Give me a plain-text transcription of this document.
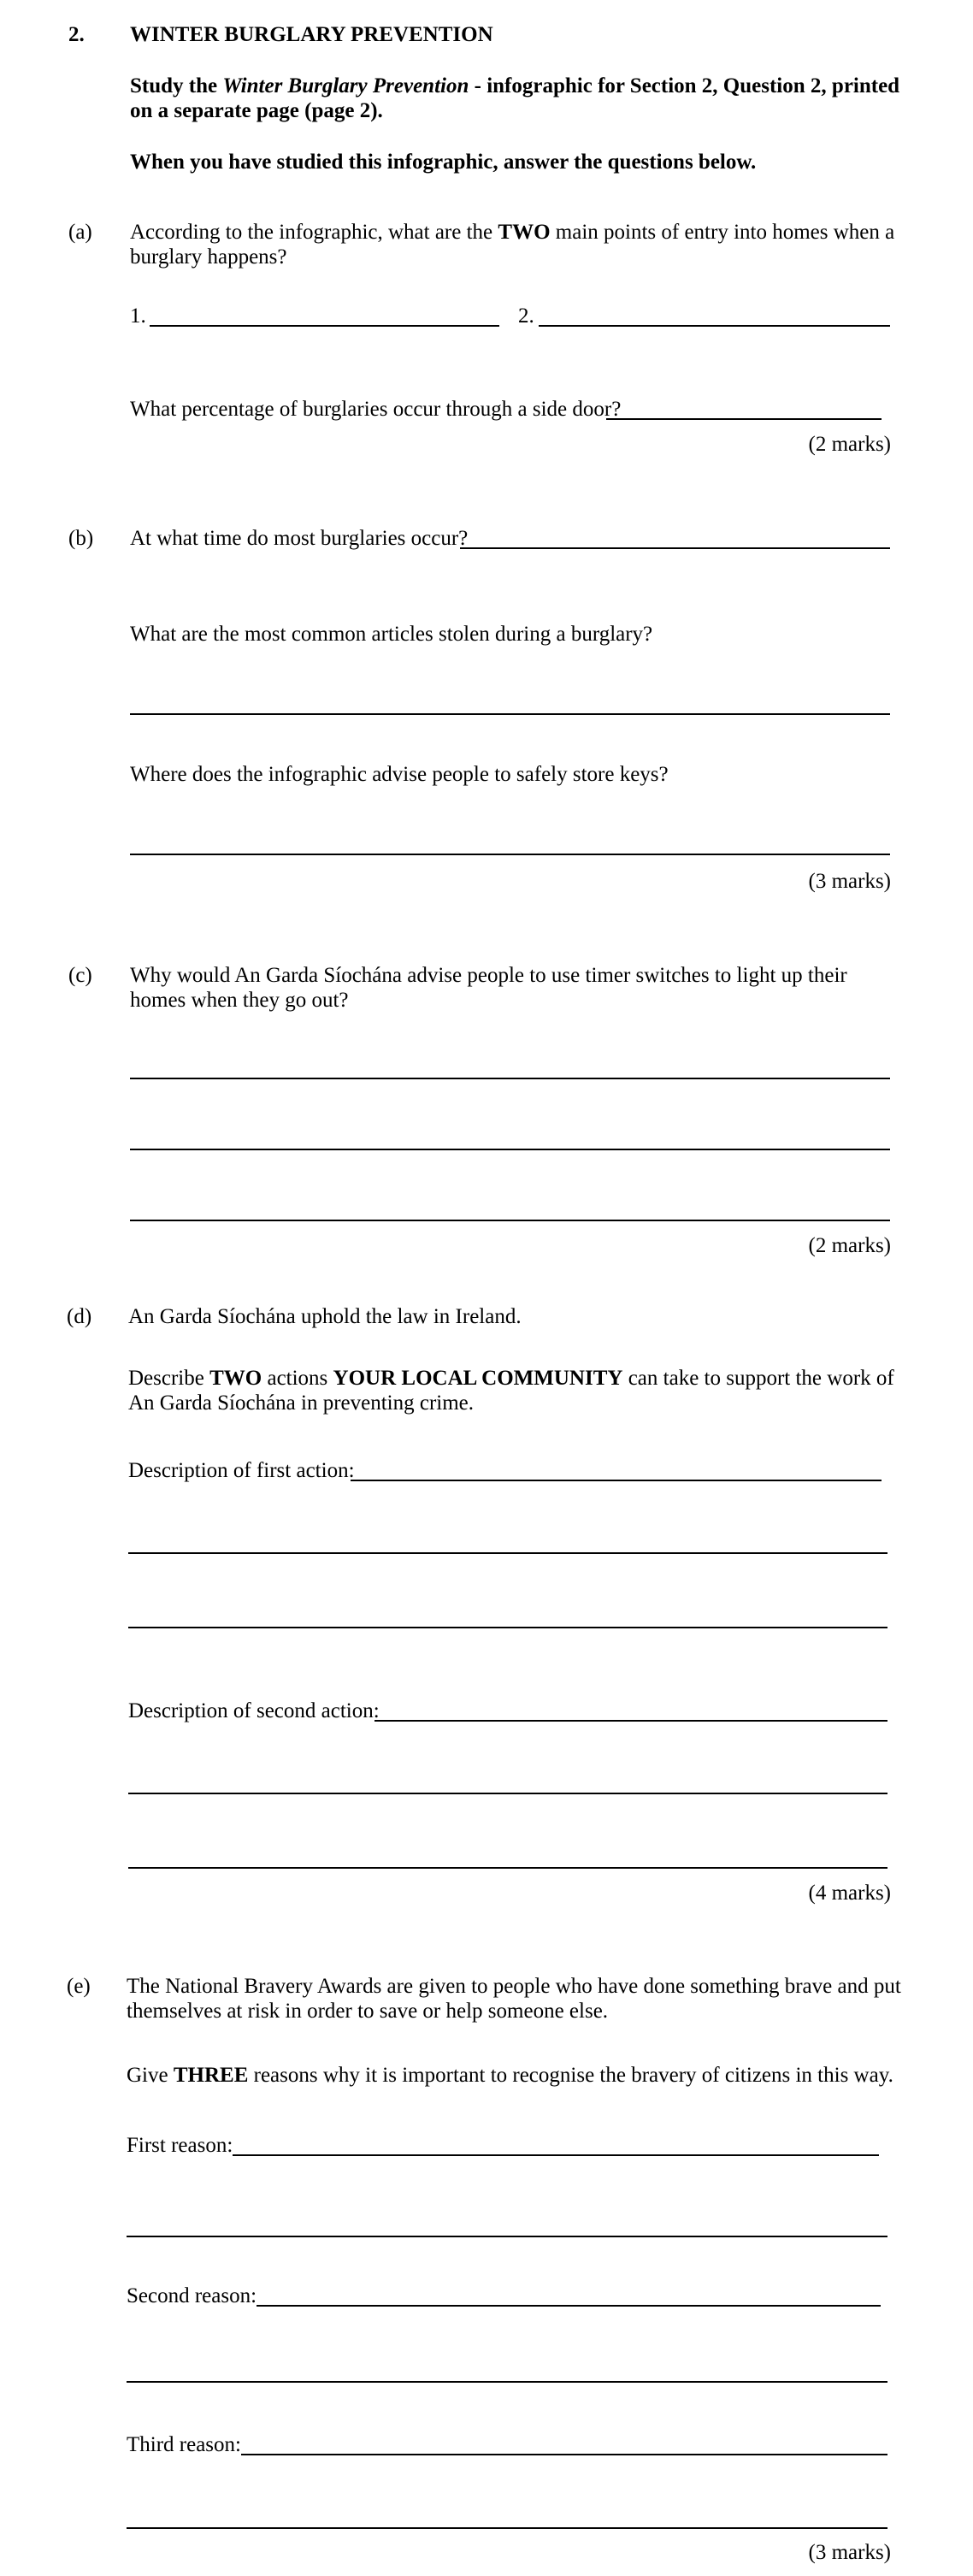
2. WINTER BURGLARY PREVENTION
Study the Winter Burglary Prevention - infographic for Section 2, Question 2, printed on a separate page (page 2).
When you have studied this infographic, answer the questions below.
(a) According to the infographic, what are the TWO main points of entry into homes when a burglary happens?
1.	2.
What percentage of burglaries occur through a side door?
(2 marks)
(b) At what time do most burglaries occur?
What are the most common articles stolen during a burglary?
Where does the infographic advise people to safely store keys?
(3 marks)
(c) Why would An Garda Síochána advise people to use timer switches to light up their homes when they go out?
(2 marks)
(d) An Garda Síochána uphold the law in Ireland.
Describe TWO actions YOUR LOCAL COMMUNITY can take to support the work of An Garda Síochána in preventing crime.
Description of first action:
Description of second action:
(4 marks)
(e) The National Bravery Awards are given to people who have done something brave and put themselves at risk in order to save or help someone else.
Give THREE reasons why it is important to recognise the bravery of citizens in this way.
First reason:
Second reason:
Third reason:
(3 marks)
